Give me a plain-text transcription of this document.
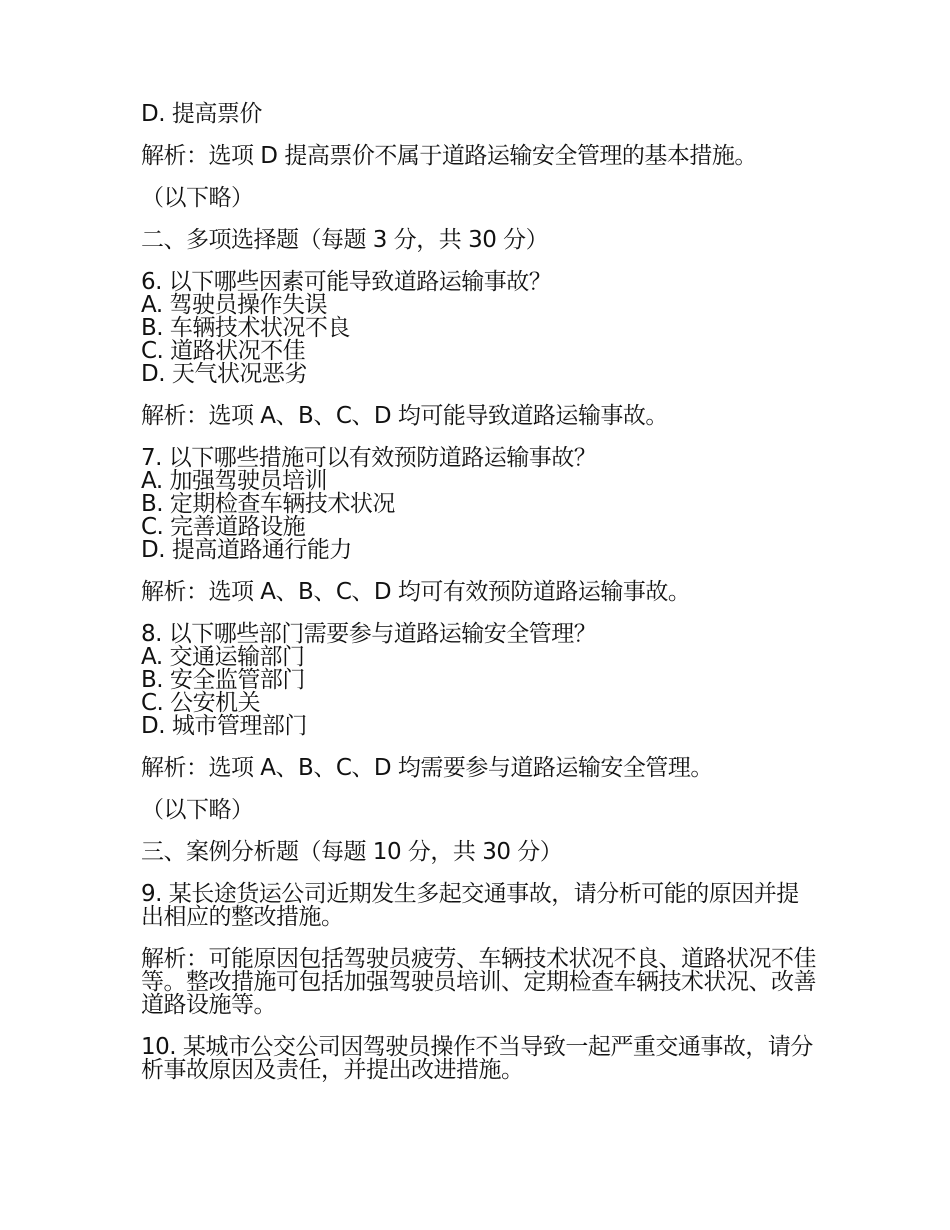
D. 提高票价
解析：选项 D 提高票价不属于道路运输安全管理的基本措施。
（以下略）
二、多项选择题（每题 3 分，共 30 分）
6. 以下哪些因素可能导致道路运输事故？
A. 驾驶员操作失误
B. 车辆技术状况不良
C. 道路状况不佳
D. 天气状况恶劣
解析：选项 A、B、C、D 均可能导致道路运输事故。
7. 以下哪些措施可以有效预防道路运输事故？
A. 加强驾驶员培训
B. 定期检查车辆技术状况
C. 完善道路设施
D. 提高道路通行能力
解析：选项 A、B、C、D 均可有效预防道路运输事故。
8. 以下哪些部门需要参与道路运输安全管理？
A. 交通运输部门
B. 安全监管部门
C. 公安机关
D. 城市管理部门
解析：选项 A、B、C、D 均需要参与道路运输安全管理。
（以下略）
三、案例分析题（每题 10 分，共 30 分）
9. 某长途货运公司近期发生多起交通事故，请分析可能的原因并提出相应的整改措施。
解析：可能原因包括驾驶员疲劳、车辆技术状况不良、道路状况不佳等。整改措施可包括加强驾驶员培训、定期检查车辆技术状况、改善道路设施等。
10. 某城市公交公司因驾驶员操作不当导致一起严重交通事故，请分析事故原因及责任，并提出改进措施。
